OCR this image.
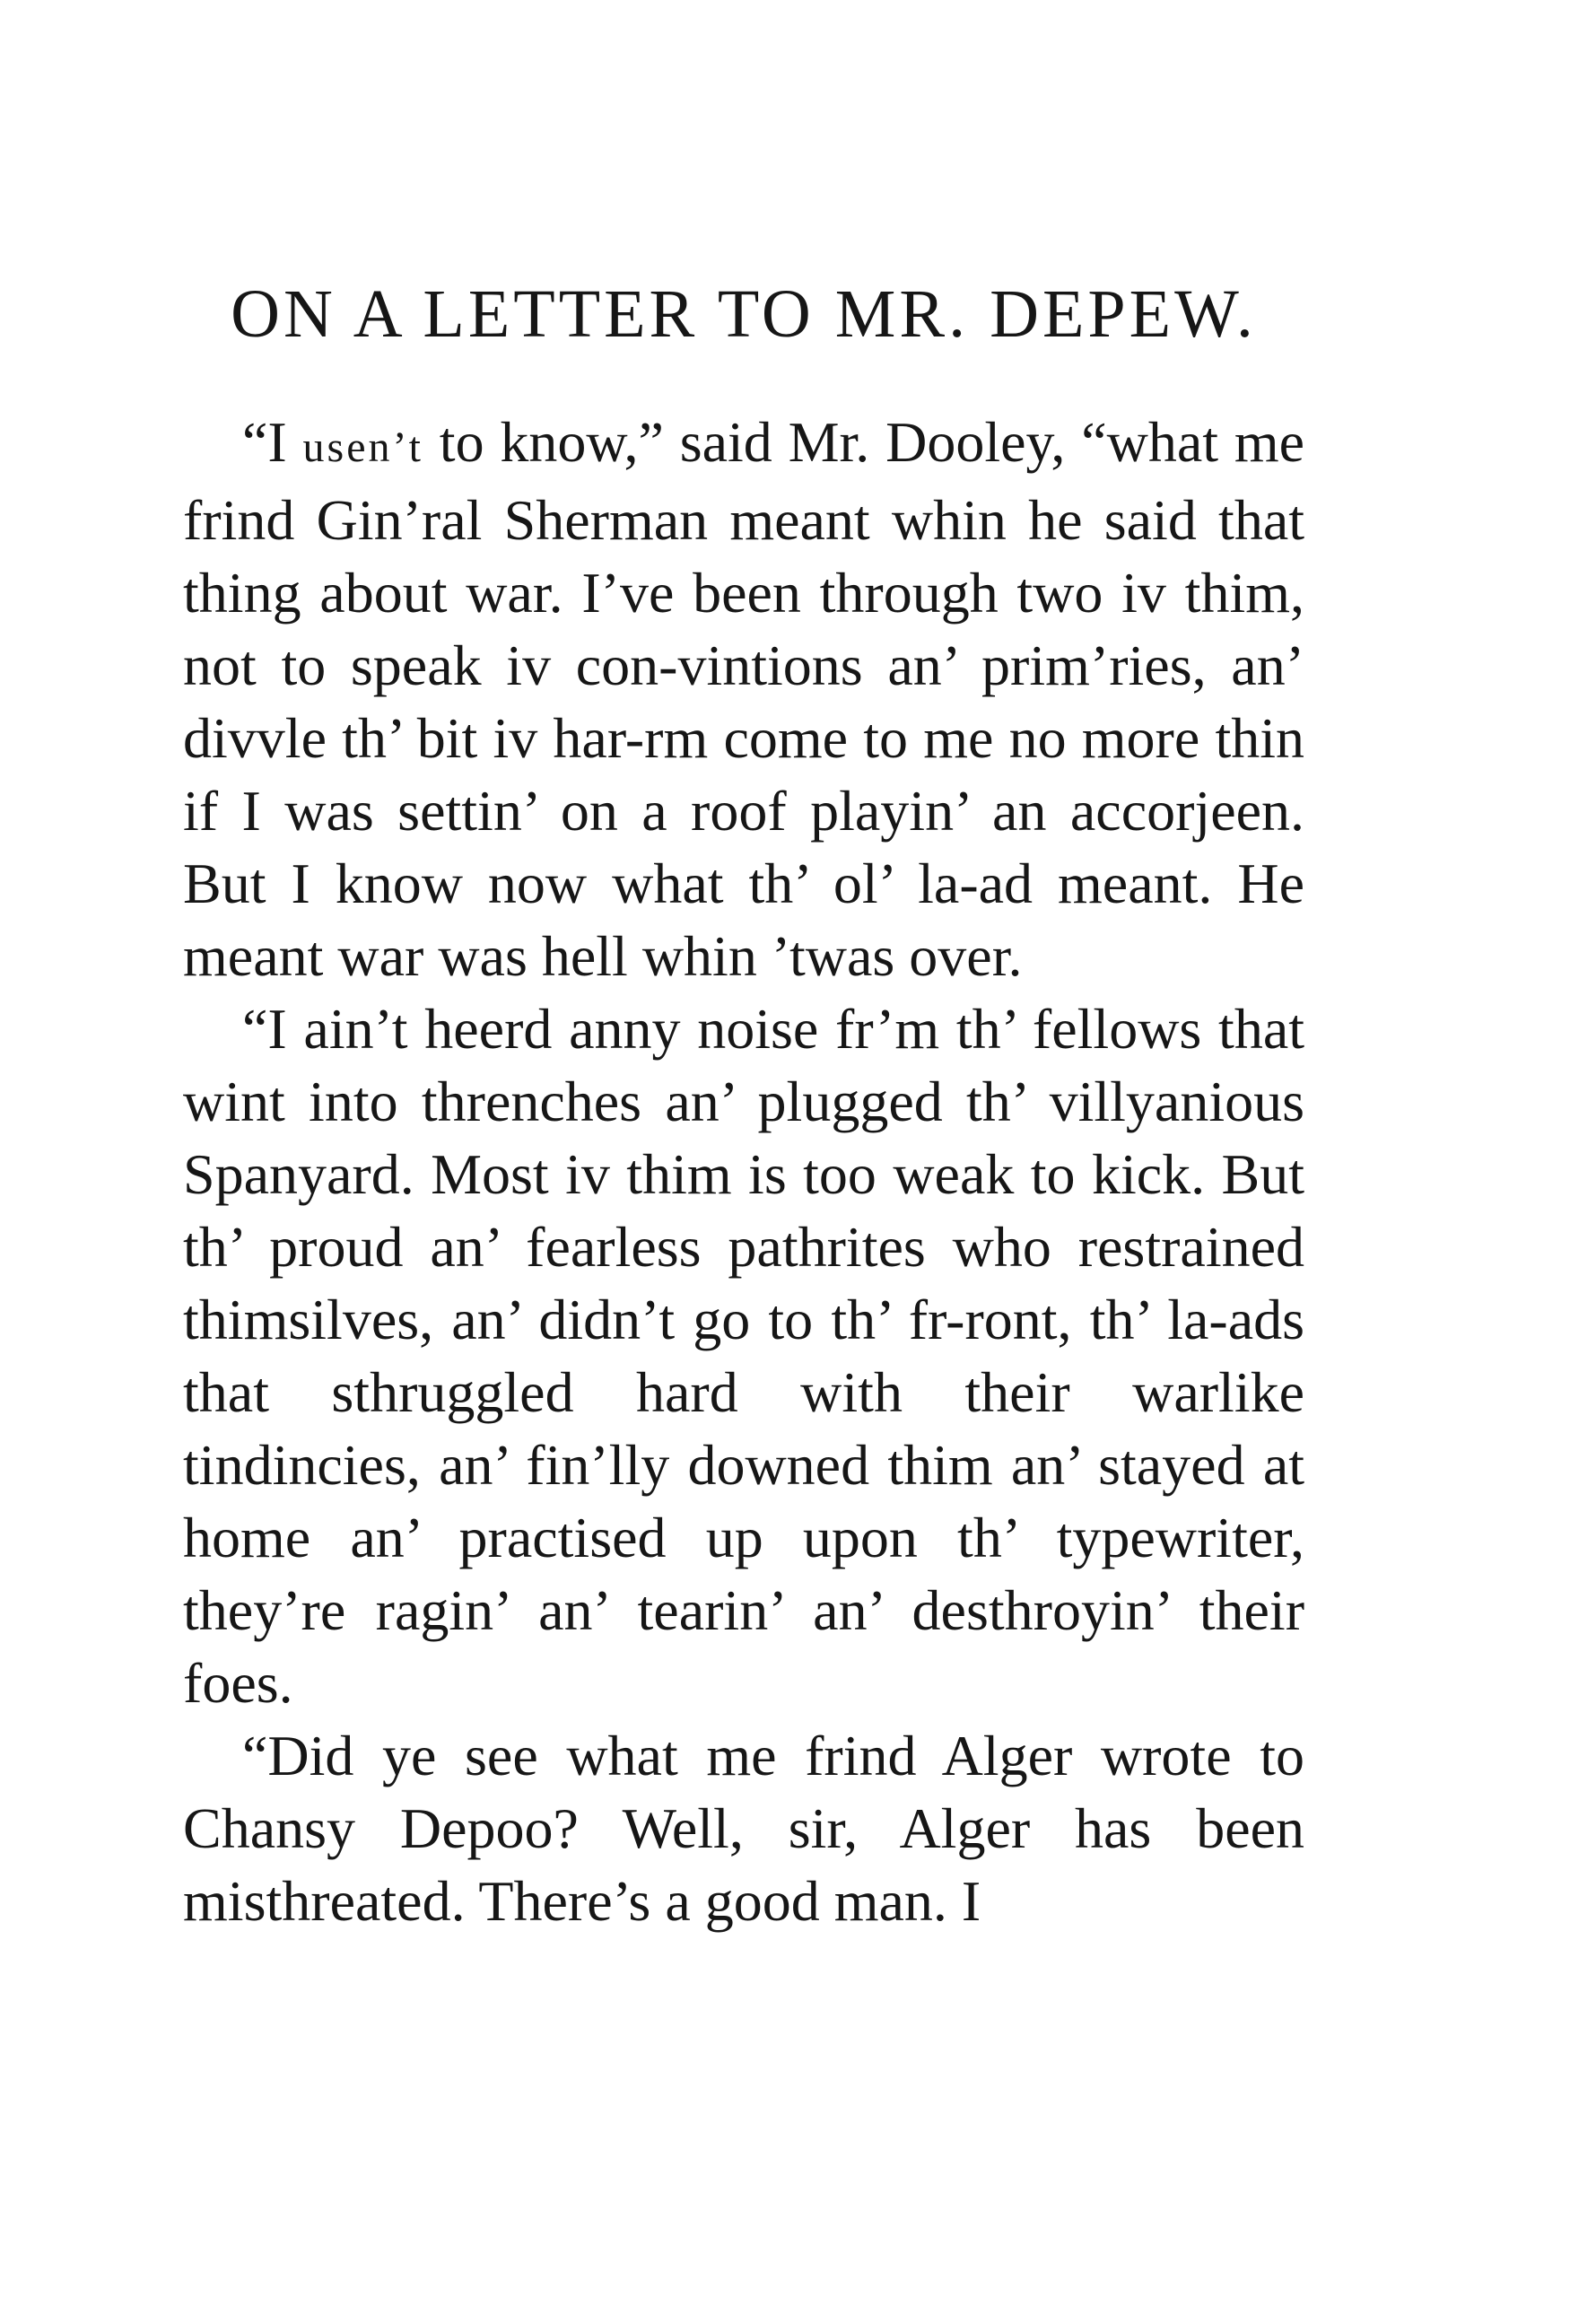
ON A LETTER TO MR. DEPEW.

“I usen’t to know,” said Mr. Dooley, “what me frind Gin’ral Sherman meant whin he said that thing about war. I’ve been through two iv thim, not to speak iv con-vintions an’ prim’ries, an’ divvle th’ bit iv har-rm come to me no more thin if I was settin’ on a roof playin’ an accorjeen. But I know now what th’ ol’ la-ad meant. He meant war was hell whin ’twas over.

“I ain’t heerd anny noise fr’m th’ fellows that wint into threnches an’ plugged th’ villyanious Spanyard. Most iv thim is too weak to kick. But th’ proud an’ fearless pathrites who restrained thimsilves, an’ didn’t go to th’ fr-ront, th’ la-ads that sthruggled hard with their warlike tindincies, an’ fin’lly downed thim an’ stayed at home an’ practised up upon th’ typewriter, they’re ragin’ an’ tearin’ an’ desthroyin’ their foes.

“Did ye see what me frind Alger wrote to Chansy Depoo? Well, sir, Alger has been misthreated. There’s a good man. I
